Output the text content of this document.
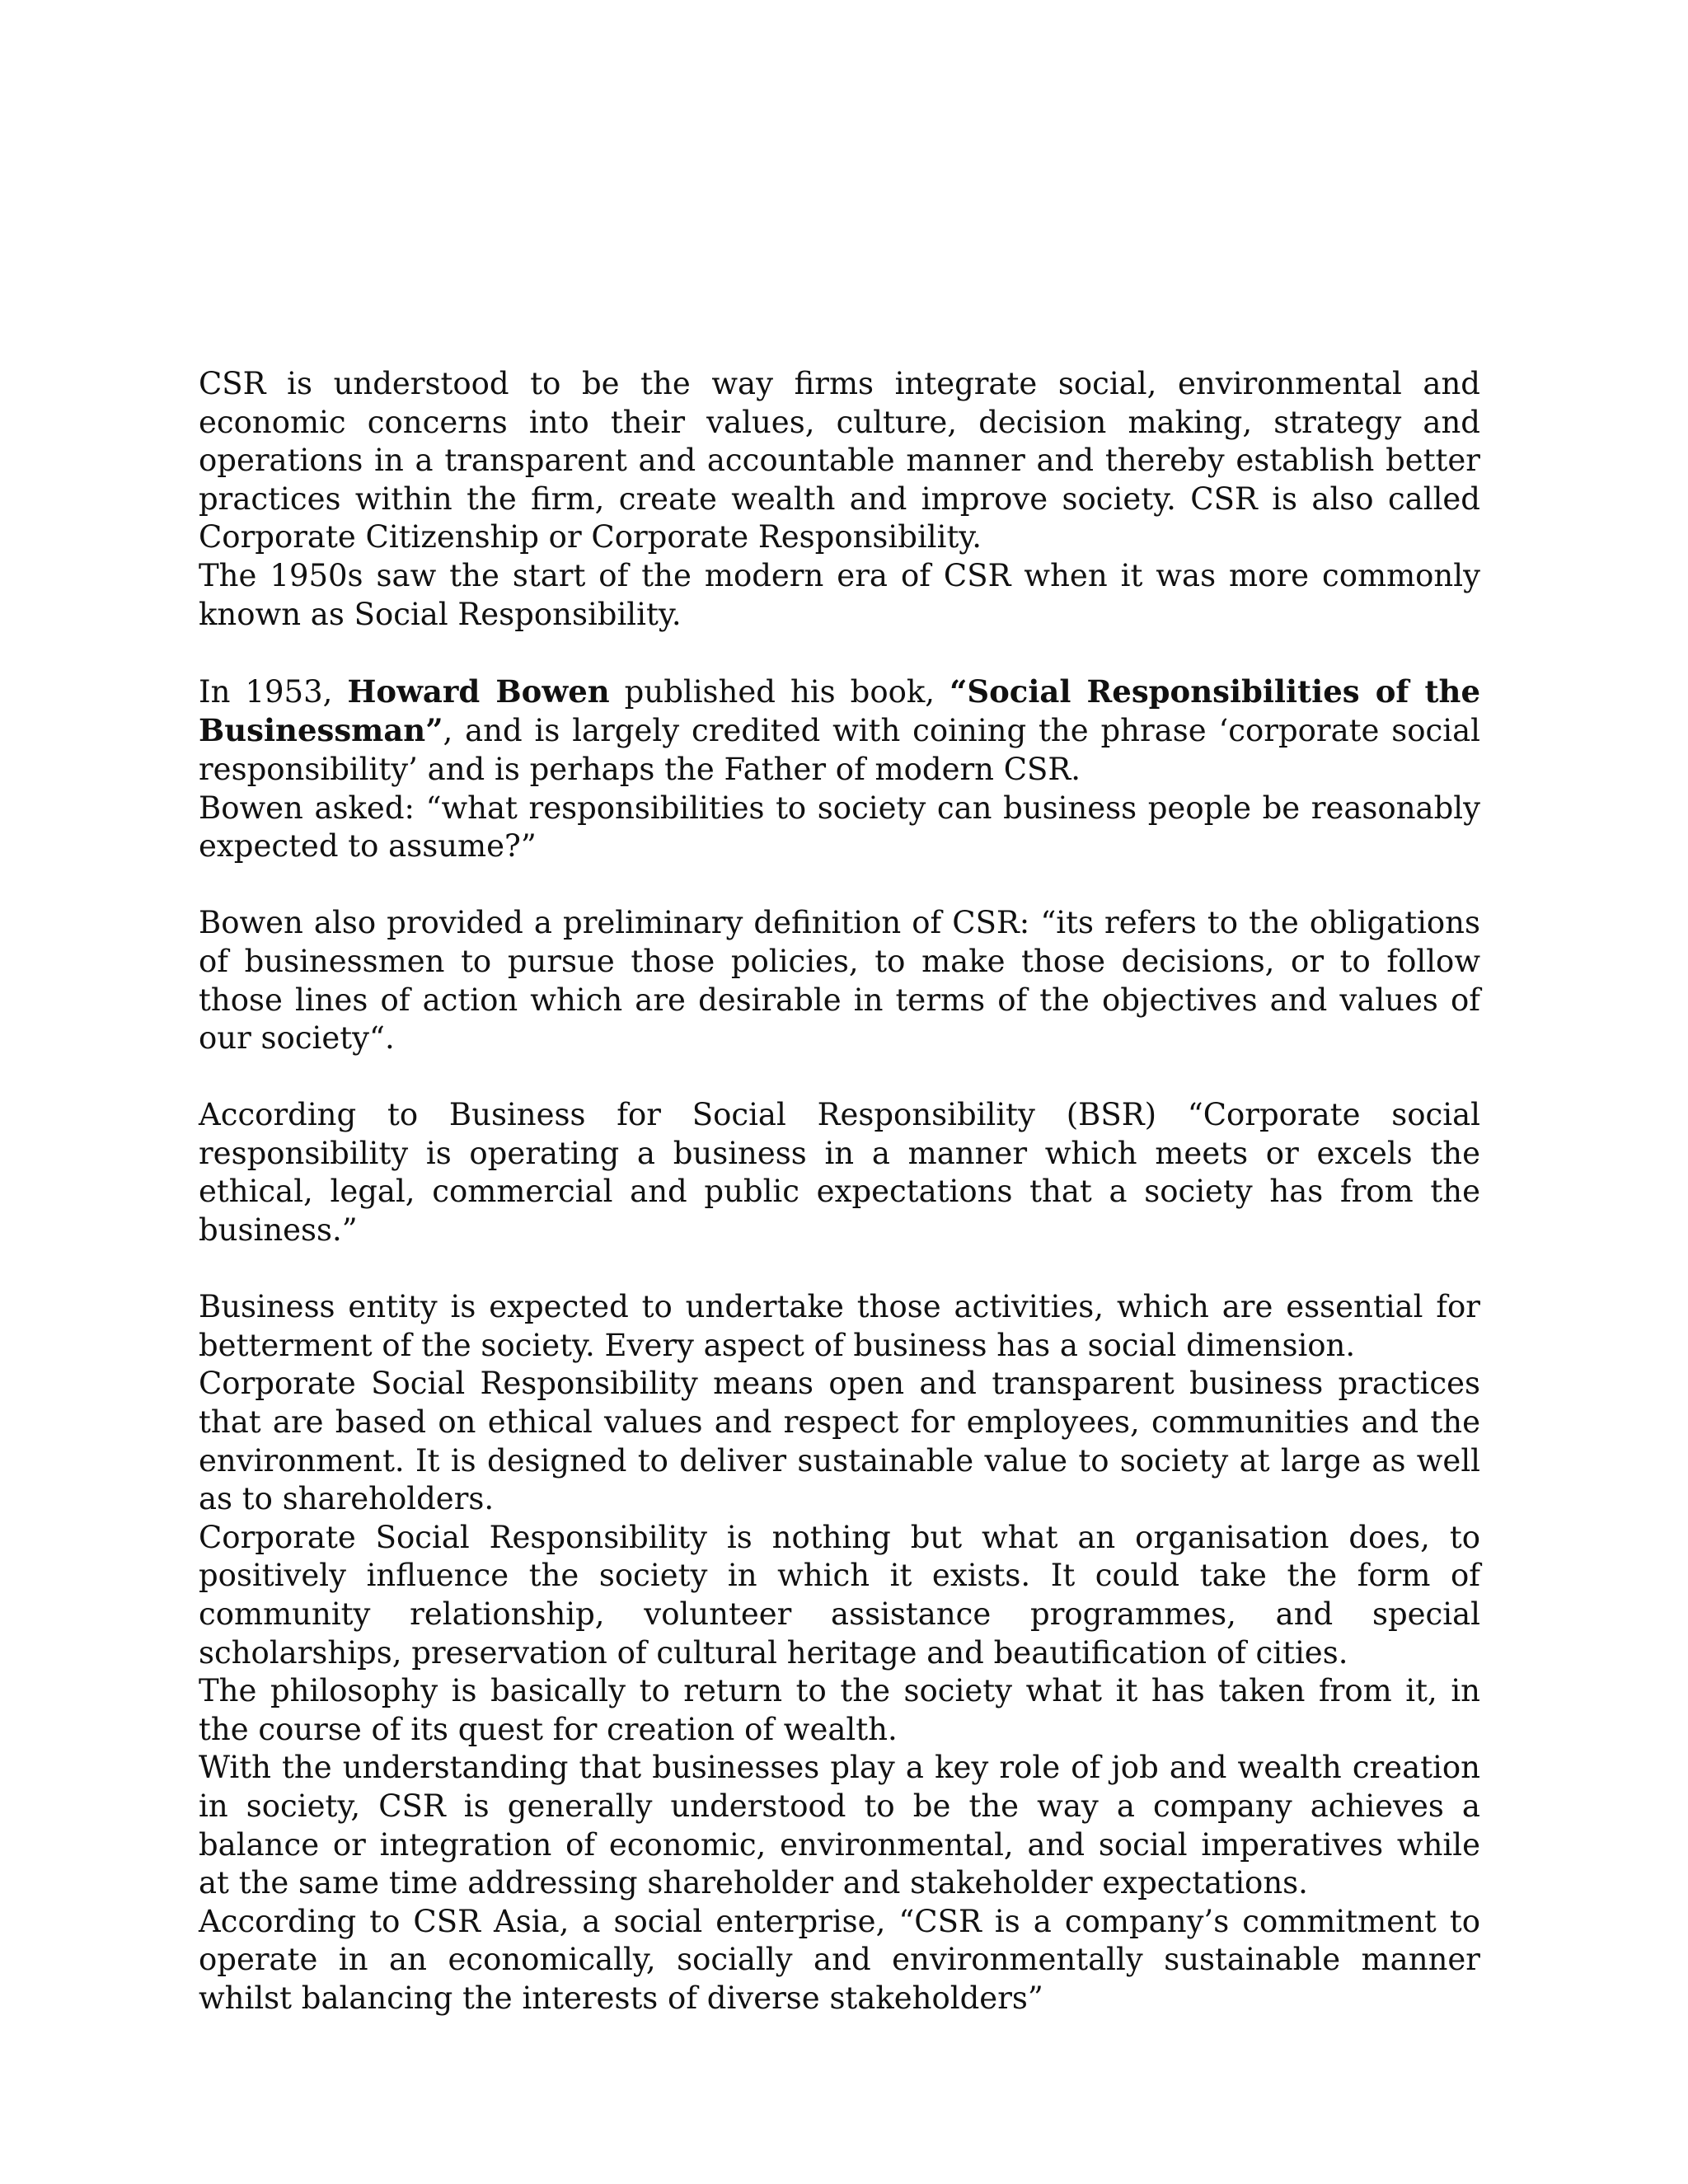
CSR is understood to be the way firms integrate social, environmental and economic concerns into their values, culture, decision making, strategy and operations in a transparent and accountable manner and thereby establish better practices within the firm, create wealth and improve society. CSR is also called Corporate Citizenship or Corporate Responsibility.

The 1950s saw the start of the modern era of CSR when it was more commonly known as Social Responsibility.

In 1953, Howard Bowen published his book, “Social Responsibilities of the Businessman”, and is largely credited with coining the phrase ‘corporate social responsibility’ and is perhaps the Father of modern CSR.

Bowen asked: “what responsibilities to society can business people be reasonably expected to assume?”

Bowen also provided a preliminary definition of CSR: “its refers to the obligations of businessmen to pursue those policies, to make those decisions, or to follow those lines of action which are desirable in terms of the objectives and values of our society“.

According to Business for Social Responsibility (BSR) “Corporate social responsibility is operating a business in a manner which meets or excels the ethical, legal, commercial and public expectations that a society has from the business.”

Business entity is expected to undertake those activities, which are essential for betterment of the society. Every aspect of business has a social dimension.

Corporate Social Responsibility means open and transparent business practices that are based on ethical values and respect for employees, communities and the environment. It is designed to deliver sustainable value to society at large as well as to shareholders.

Corporate Social Responsibility is nothing but what an organisation does, to positively influence the society in which it exists. It could take the form of community relationship, volunteer assistance programmes, and special scholarships, preservation of cultural heritage and beautification of cities.

The philosophy is basically to return to the society what it has taken from it, in the course of its quest for creation of wealth.

With the understanding that businesses play a key role of job and wealth creation in society, CSR is generally understood to be the way a company achieves a balance or integration of economic, environmental, and social imperatives while at the same time addressing shareholder and stakeholder expectations.

According to CSR Asia, a social enterprise, “CSR is a company’s commitment to operate in an economically, socially and environmentally sustainable manner whilst balancing the interests of diverse stakeholders”
